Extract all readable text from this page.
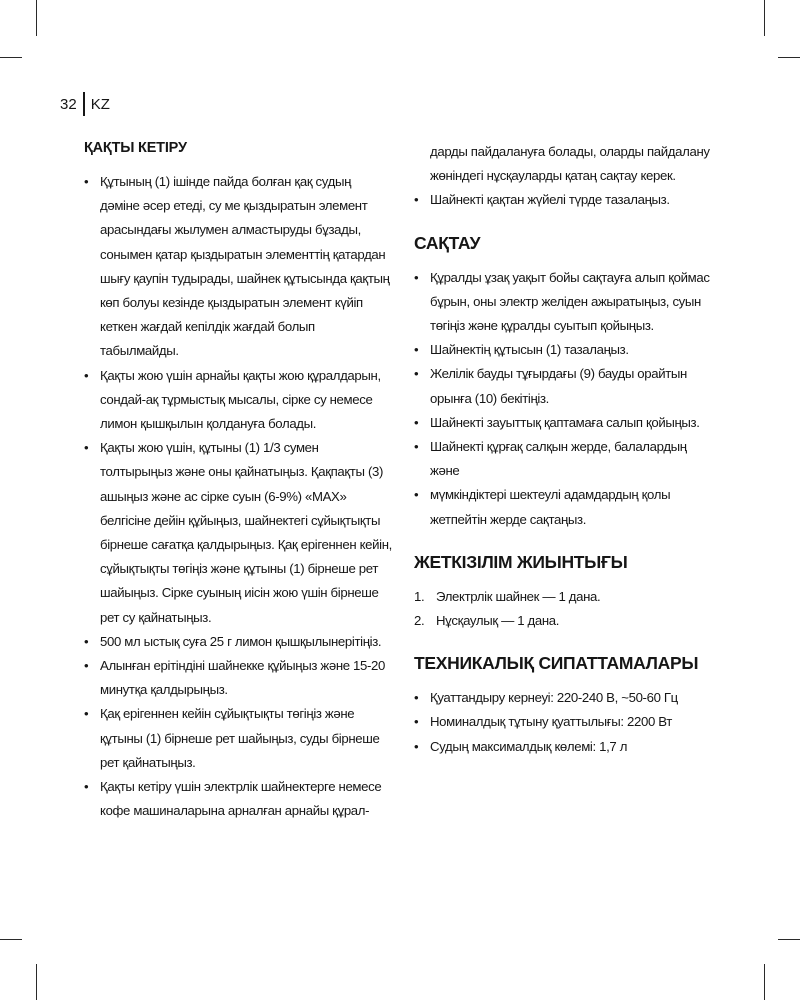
32 KZ
ҚАҚТЫ КЕТІРУ
• Құтының (1) ішінде пайда болған қақ судың дәміне әсер етеді, су ме қыздыратын элемент арасындағы жылумен алмастыруды бұзады, сонымен қатар қыздыратын элементтің қатардан шығу қаупін тудырады, шайнек құтысында қақтың көп болуы кезінде қыздыратын элемент күйіп кеткен жағдай кепілдік жағдай болып табылмайды.
• Қақты жою үшін арнайы қақты жою құралдарын, сондай-ақ тұрмыстық мысалы, сірке су немесе лимон қышқылын қолдануға болады.
• Қақты жою үшін, құтыны (1) 1/3 сумен толтырыңыз және оны қайнатыңыз. Қақпақты (3) ашыңыз және ас сірке суын (6-9%) «MAX» белгісіне дейін құйыңыз, шайнектегі сұйықтықты бірнеше сағатқа қалдырыңыз. Қақ ерігеннен кейін, сұйықтықты төгіңіз және құтыны (1) бірнеше рет шайыңыз. Сірке суының иісін жою үшін бірнеше рет су қайнатыңыз.
• 500 мл ыстық суға 25 г лимон қышқылынерітіңіз.
• Алынған ерітіндіні шайнекке құйыңыз және 15-20 минутқа қалдырыңыз.
• Қақ ерігеннен кейін сұйықтықты төгіңіз және құтыны (1) бірнеше рет шайыңыз, суды бірнеше рет қайнатыңыз.
• Қақты кетіру үшін электрлік шайнектерге немесе кофе машиналарына арналған арнайы құрал-
дарды пайдалануға болады, оларды пайдалану жөніндегі нұсқауларды қатаң сақтау керек.
• Шайнекті қақтан жүйелі түрде тазалаңыз.
САҚТАУ
• Құралды ұзақ уақыт бойы сақтауға алып қоймас бұрын, оны электр желіден ажыратыңыз, суын төгіңіз және құралды суытып қойыңыз.
• Шайнектің құтысын (1) тазалаңыз.
• Желілік бауды тұғырдағы (9) бауды орайтын орынға (10) бекітіңіз.
• Шайнекті зауыттық қаптамаға салып қойыңыз.
• Шайнекті құрғақ салқын жерде, балалардың және
• мүмкіндіктері шектеулі адамдардың қолы жетпейтін жерде сақтаңыз.
ЖЕТКІЗІЛІМ ЖИЫНТЫҒЫ
1. Электрлік шайнек — 1 дана.
2. Нұсқаулық — 1 дана.
ТЕХНИКАЛЫҚ СИПАТТАМАЛАРЫ
• Қуаттандыру кернеуі: 220-240 В, ~50-60 Гц
• Номиналдық тұтыну қуаттылығы: 2200 Вт
• Судың максималдық көлемі: 1,7 л
